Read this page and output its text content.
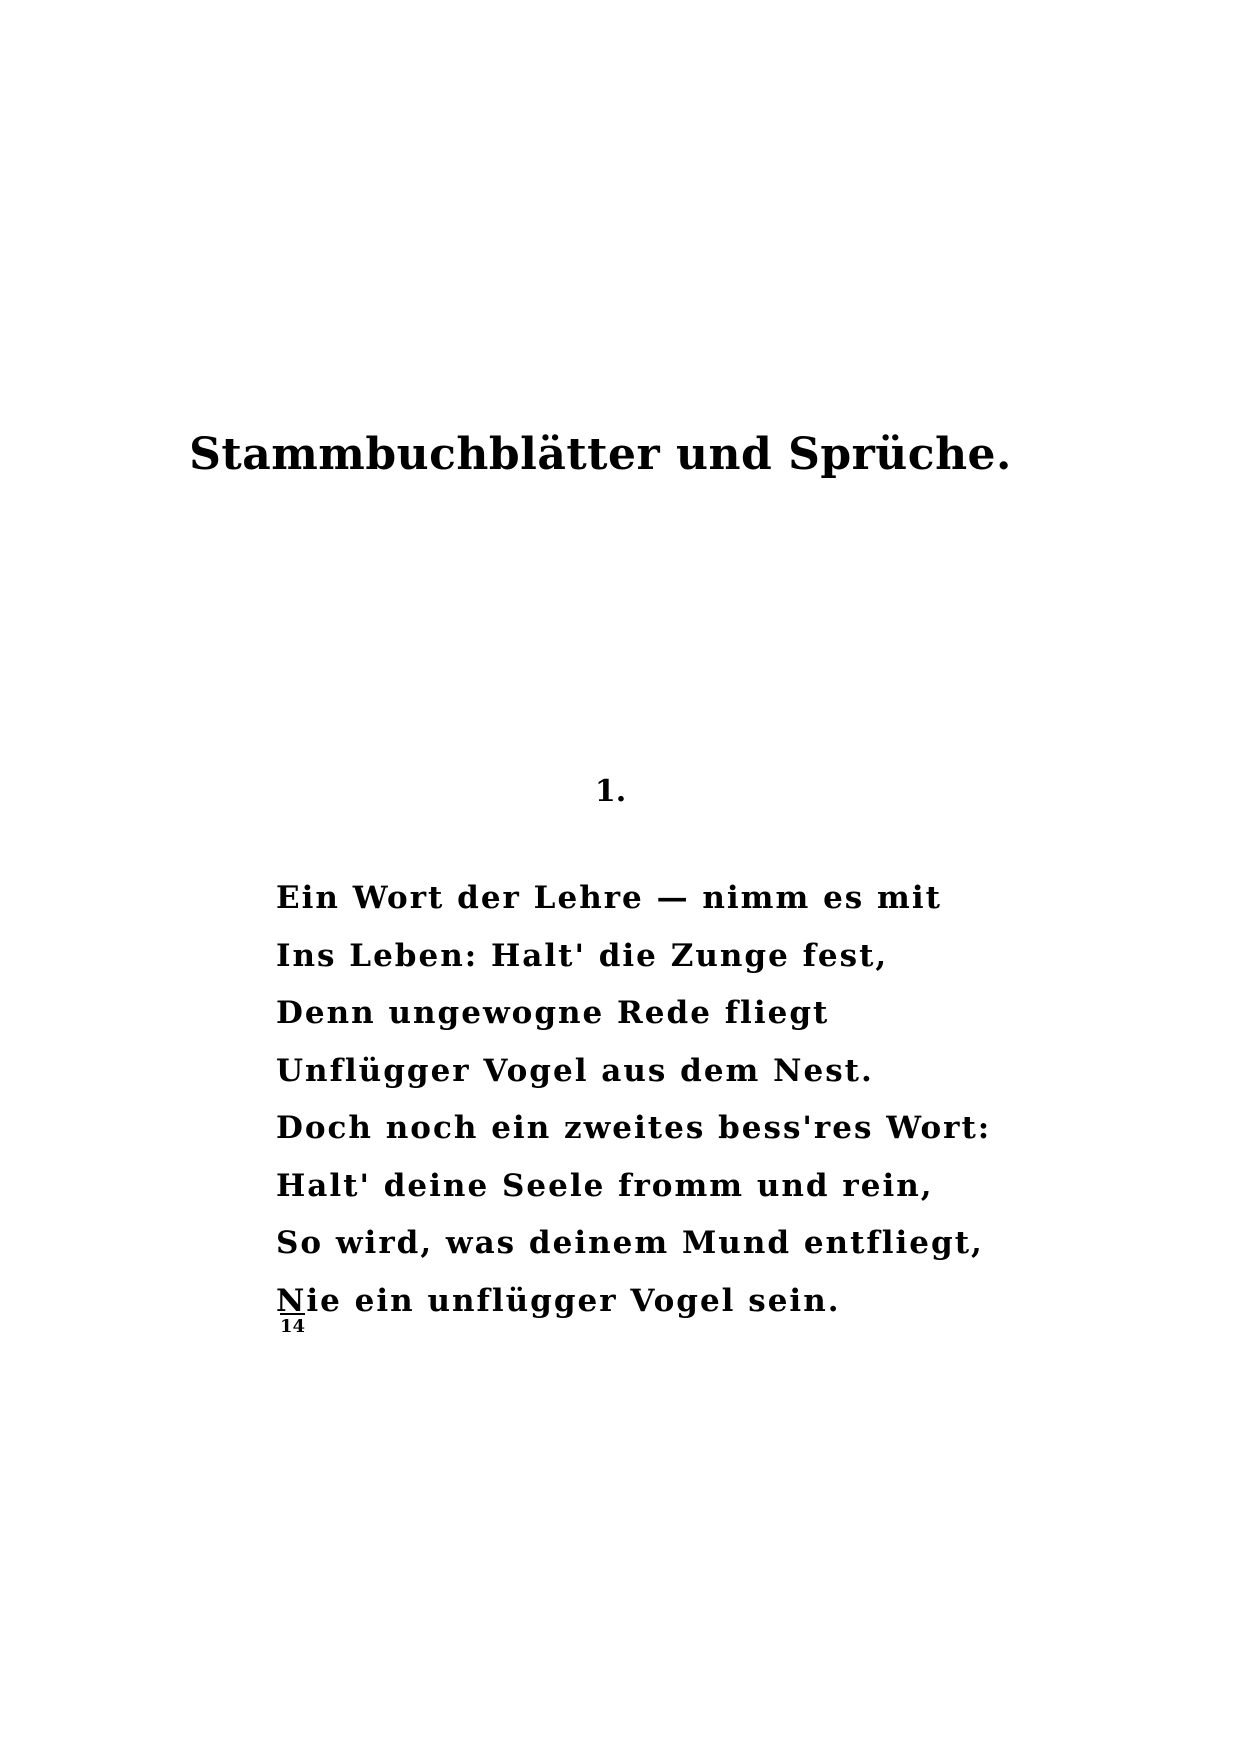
Stammbuchblätter und Sprüche.
1.
Ein Wort der Lehre — nimm es mit
Ins Leben: Halt' die Zunge fest,
Denn ungewogne Rede fliegt
Unflügger Vogel aus dem Nest.
Doch noch ein zweites bess'res Wort:
Halt' deine Seele fromm und rein,
So wird, was deinem Mund entfliegt,
Nie ein unflügger Vogel sein.
14
